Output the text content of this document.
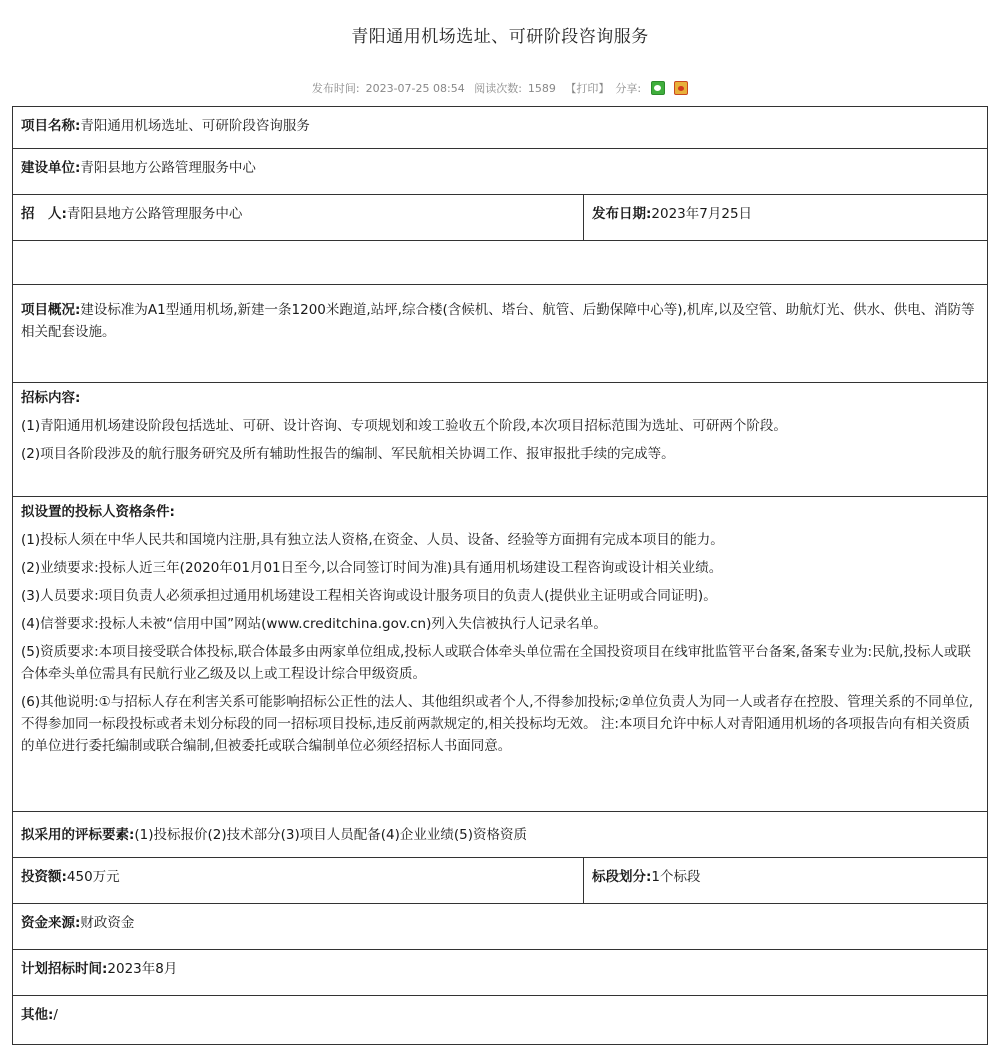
青阳通用机场选址、可研阶段咨询服务
发布时间: 2023-07-25 08:54 阅读次数: 1589 【打印】 分享:
项目名称:青阳通用机场选址、可研阶段咨询服务
建设单位:青阳县地方公路管理服务中心
招　人:青阳县地方公路管理服务中心	发布日期:2023年7月25日
项目概况:建设标准为A1型通用机场,新建一条1200米跑道,站坪,综合楼(含候机、塔台、航管、后勤保障中心等),机库,以及空管、助航灯光、供水、供电、消防等相关配套设施。
招标内容:

(1)青阳通用机场建设阶段包括选址、可研、设计咨询、专项规划和竣工验收五个阶段,本次项目招标范围为选址、可研两个阶段。

(2)项目各阶段涉及的航行服务研究及所有辅助性报告的编制、军民航相关协调工作、报审报批手续的完成等。

拟设置的投标人资格条件:

(1)投标人须在中华人民共和国境内注册,具有独立法人资格,在资金、人员、设备、经验等方面拥有完成本项目的能力。

(2)业绩要求:投标人近三年(2020年01月01日至今,以合同签订时间为准)具有通用机场建设工程咨询或设计相关业绩。

(3)人员要求:项目负责人必须承担过通用机场建设工程相关咨询或设计服务项目的负责人(提供业主证明或合同证明)。

(4)信誉要求:投标人未被“信用中国”网站(www.creditchina.gov.cn)列入失信被执行人记录名单。

(5)资质要求:本项目接受联合体投标,联合体最多由两家单位组成,投标人或联合体牵头单位需在全国投资项目在线审批监管平台备案,备案专业为:民航,投标人或联合体牵头单位需具有民航行业乙级及以上或工程设计综合甲级资质。

(6)其他说明:①与招标人存在利害关系可能影响招标公正性的法人、其他组织或者个人,不得参加投标;②单位负责人为同一人或者存在控股、管理关系的不同单位,不得参加同一标段投标或者未划分标段的同一招标项目投标,违反前两款规定的,相关投标均无效。 注:本项目允许中标人对青阳通用机场的各项报告向有相关资质的单位进行委托编制或联合编制,但被委托或联合编制单位必须经招标人书面同意。

拟采用的评标要素:(1)投标报价(2)技术部分(3)项目人员配备(4)企业业绩(5)资格资质
投资额:450万元	标段划分:1个标段
资金来源:财政资金
计划招标时间:2023年8月
其他:/
